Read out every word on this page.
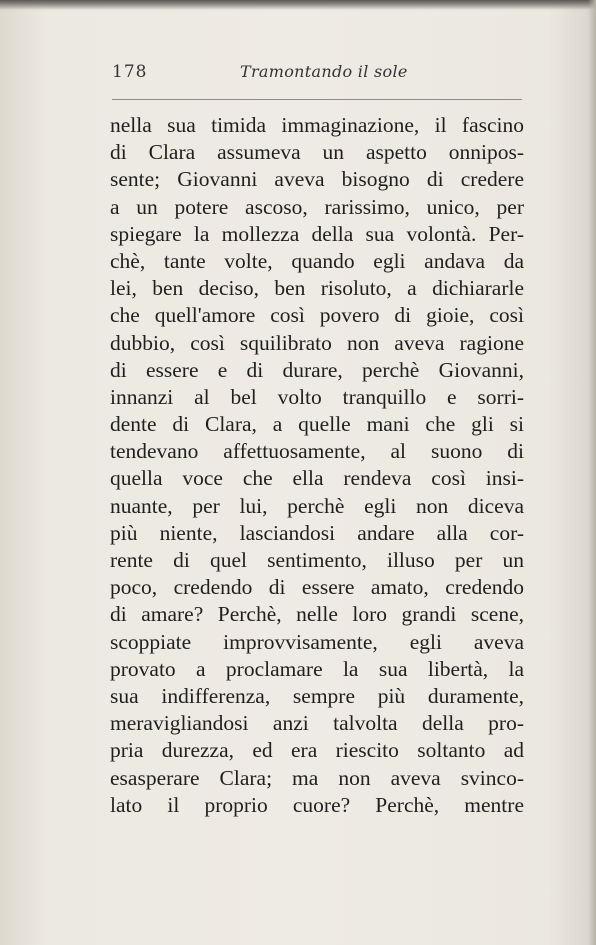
178	Tramontando il sole
nella sua timida immaginazione, il fascino
di Clara assumeva un aspetto onnipos-
sente; Giovanni aveva bisogno di credere
a un potere ascoso, rarissimo, unico, per
spiegare la mollezza della sua volontà. Per-
chè, tante volte, quando egli andava da
lei, ben deciso, ben risoluto, a dichiararle
che quell'amore così povero di gioie, così
dubbio, così squilibrato non aveva ragione
di essere e di durare, perchè Giovanni,
innanzi al bel volto tranquillo e sorri-
dente di Clara, a quelle mani che gli si
tendevano affettuosamente, al suono di
quella voce che ella rendeva così insi-
nuante, per lui, perchè egli non diceva
più niente, lasciandosi andare alla cor-
rente di quel sentimento, illuso per un
poco, credendo di essere amato, credendo
di amare? Perchè, nelle loro grandi scene,
scoppiate improvvisamente, egli aveva
provato a proclamare la sua libertà, la
sua indifferenza, sempre più duramente,
meravigliandosi anzi talvolta della pro-
pria durezza, ed era riescito soltanto ad
esasperare Clara; ma non aveva svinco-
lato il proprio cuore? Perchè, mentre
